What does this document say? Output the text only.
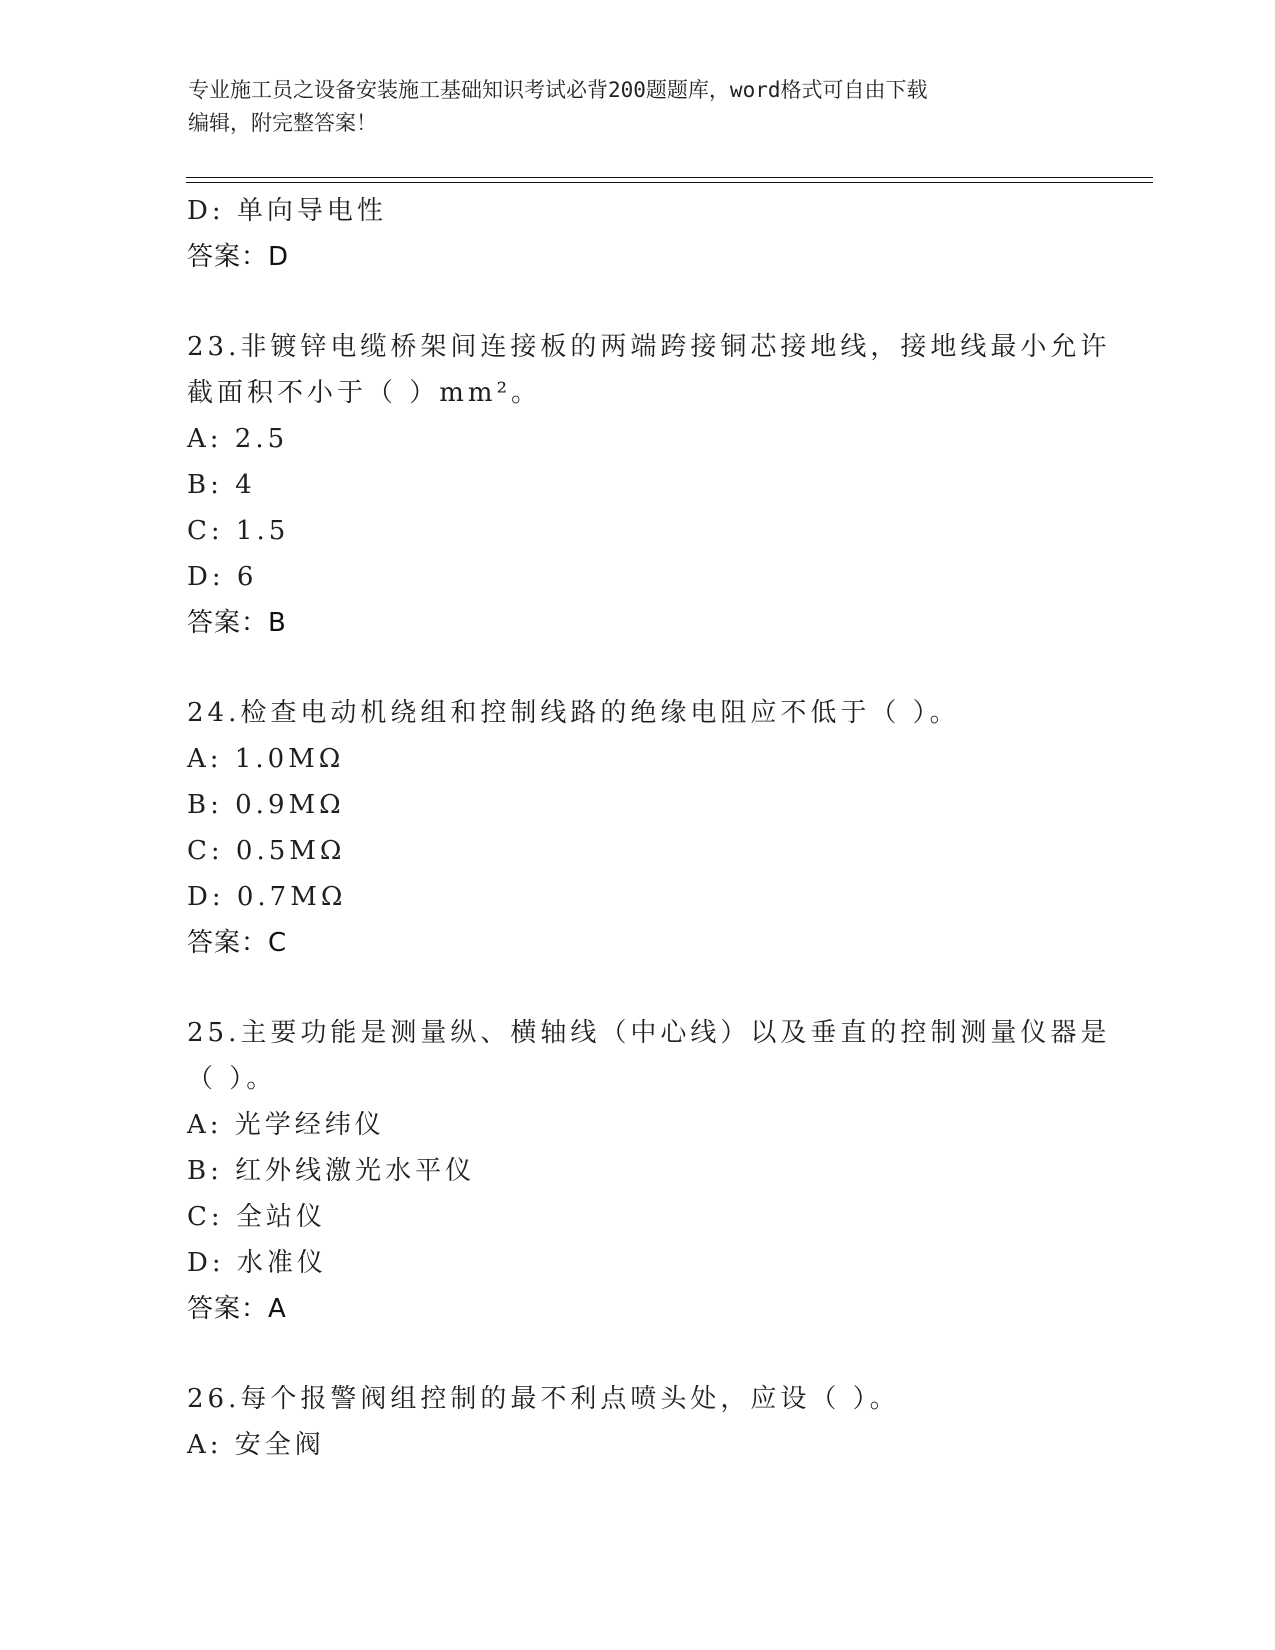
专业施工员之设备安装施工基础知识考试必背200题题库，word格式可自由下载
编辑，附完整答案！
D: 单向导电性
答案：D
23.非镀锌电缆桥架间连接板的两端跨接铜芯接地线，接地线最小允许
截面积不小于（ ）mm²。
A: 2.5
B: 4
C: 1.5
D: 6
答案：B
24.检查电动机绕组和控制线路的绝缘电阻应不低于（ ）。
A: 1.0MΩ
B: 0.9MΩ
C: 0.5MΩ
D: 0.7MΩ
答案：C
25.主要功能是测量纵、横轴线（中心线）以及垂直的控制测量仪器是
（ ）。
A: 光学经纬仪
B: 红外线激光水平仪
C: 全站仪
D: 水准仪
答案：A
26.每个报警阀组控制的最不利点喷头处，应设（ ）。
A: 安全阀
